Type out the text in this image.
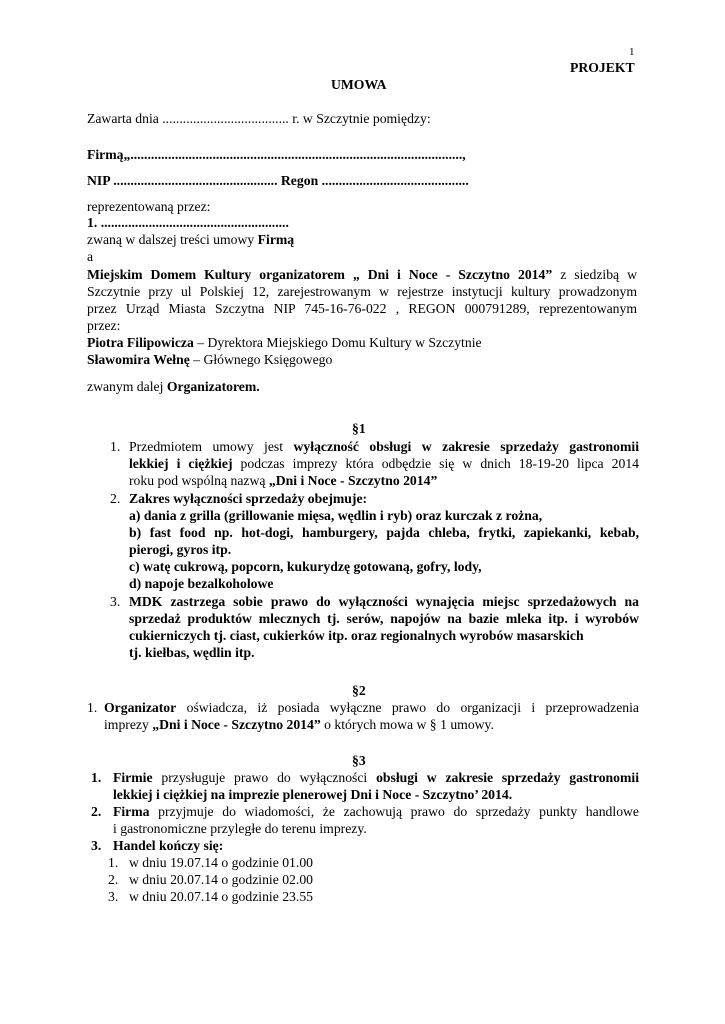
1
PROJEKT
UMOWA
Zawarta dnia ..................................... r. w Szczytnie pomiędzy:
Firmą„.................................................................................................,
NIP ................................................ Regon ...........................................
reprezentowaną przez:
1. .......................................................
zwaną w dalszej treści umowy Firmą
a
Miejskim Domem Kultury organizatorem „ Dni i Noce - Szczytno 2014” z siedzibą w
Szczytnie przy ul Polskiej 12, zarejestrowanym w rejestrze instytucji kultury prowadzonym
przez Urząd Miasta Szczytna NIP 745-16-76-022 , REGON 000791289, reprezentowanym
przez:
Piotra Filipowicza – Dyrektora Miejskiego Domu Kultury w Szczytnie
Sławomira Wełnę – Głównego Księgowego
zwanym dalej Organizatorem.
§1
1. Przedmiotem umowy jest wyłączność obsługi w zakresie sprzedaży gastronomii
lekkiej i ciężkiej podczas imprezy która odbędzie się w dnich 18-19-20 lipca 2014
roku pod wspólną nazwą „Dni i Noce - Szczytno 2014”
2. Zakres wyłączności sprzedaży obejmuje:
a) dania z grilla (grillowanie mięsa, wędlin i ryb) oraz kurczak z rożna,
b) fast food np. hot-dogi, hamburgery, pajda chleba, frytki, zapiekanki, kebab,
pierogi, gyros itp.
c) watę cukrową, popcorn, kukurydzę gotowaną, gofry, lody,
d) napoje bezalkoholowe
3. MDK zastrzega sobie prawo do wyłączności wynajęcia miejsc sprzedażowych na
sprzedaż produktów mlecznych tj. serów, napojów na bazie mleka itp. i wyrobów
cukierniczych tj. ciast, cukierków itp. oraz regionalnych wyrobów masarskich
tj. kiełbas, wędlin itp.
§2
1. Organizator oświadcza, iż posiada wyłączne prawo do organizacji i przeprowadzenia
imprezy „Dni i Noce - Szczytno 2014” o których mowa w § 1 umowy.
§3
1. Firmie przysługuje prawo do wyłączności obsługi w zakresie sprzedaży gastronomii
lekkiej i ciężkiej na imprezie plenerowej Dni i Noce - Szczytno’ 2014.
2. Firma przyjmuje do wiadomości, że zachowują prawo do sprzedaży punkty handlowe
i gastronomiczne przyległe do terenu imprezy.
3. Handel kończy się:
1. w dniu 19.07.14 o godzinie 01.00
2. w dniu 20.07.14 o godzinie 02.00
3. w dniu 20.07.14 o godzinie 23.55
